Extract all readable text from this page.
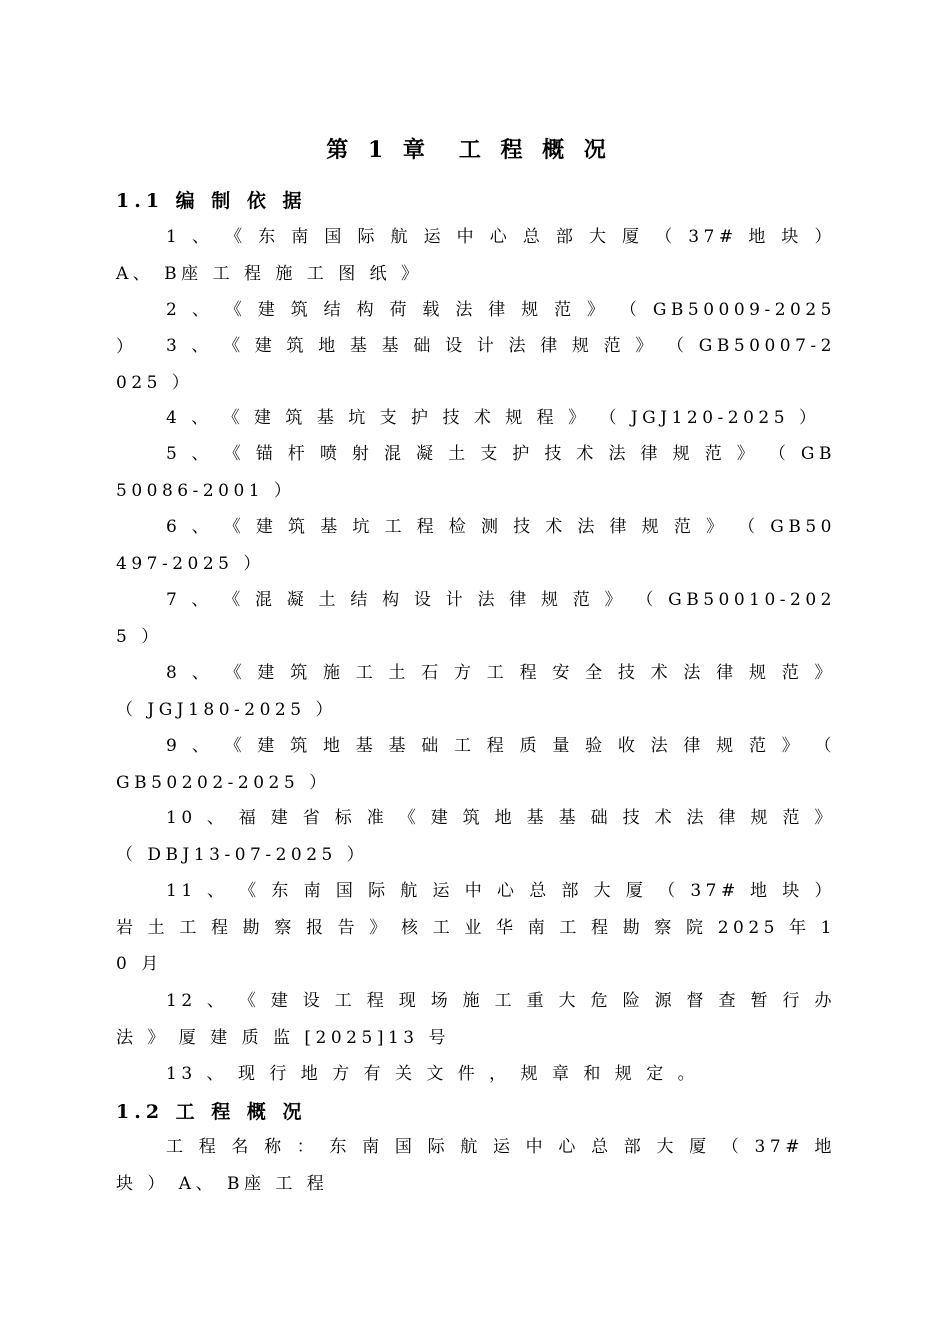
第 1 章　工 程 概 况
1.1 编 制 依 据

1 、 《 东 南 国 际 航 运 中 心 总 部 大 厦 （ 37# 地 块 ） A、 B座 工 程 施 工 图 纸 》

2 、 《 建 筑 结 构 荷 载 法 律 规 范 》 （ GB50009-2025 ）	3 、 《 建 筑 地 基 基 础 设 计 法 律 规 范 》 （ GB50007-2025 ）

4 、 《 建 筑 基 坑 支 护 技 术 规 程 》 （ JGJ120-2025 ）

5 、 《 锚 杆 喷 射 混 凝 土 支 护 技 术 法 律 规 范 》 （ GB50086-2001 ）

6 、 《 建 筑 基 坑 工 程 检 测 技 术 法 律 规 范 》 （ GB50497-2025 ）

7 、 《 混 凝 土 结 构 设 计 法 律 规 范 》 （ GB50010-2025 ）

8 、 《 建 筑 施 工 土 石 方 工 程 安 全 技 术 法 律 规 范 》 （ JGJ180-2025 ）

9 、 《 建 筑 地 基 基 础 工 程 质 量 验 收 法 律 规 范 》 （ GB50202-2025 ）

10 、 福 建 省 标 准 《 建 筑 地 基 基 础 技 术 法 律 规 范 》 （ DBJ13-07-2025 ）

11 、 《 东 南 国 际 航 运 中 心 总 部 大 厦 （ 37# 地 块 ） 岩 土 工 程 勘 察 报 告 》 核 工 业 华 南 工 程 勘 察 院 2025 年 10 月

12 、 《 建 设 工 程 现 场 施 工 重 大 危 险 源 督 查 暂 行 办 法 》 厦 建 质 监 [2025]13 号

13 、 现 行 地 方 有 关 文 件 ， 规 章 和 规 定 。

1.2 工 程 概 况

工 程 名 称 ： 东 南 国 际 航 运 中 心 总 部 大 厦 （ 37# 地 块 ） A、 B座 工 程
